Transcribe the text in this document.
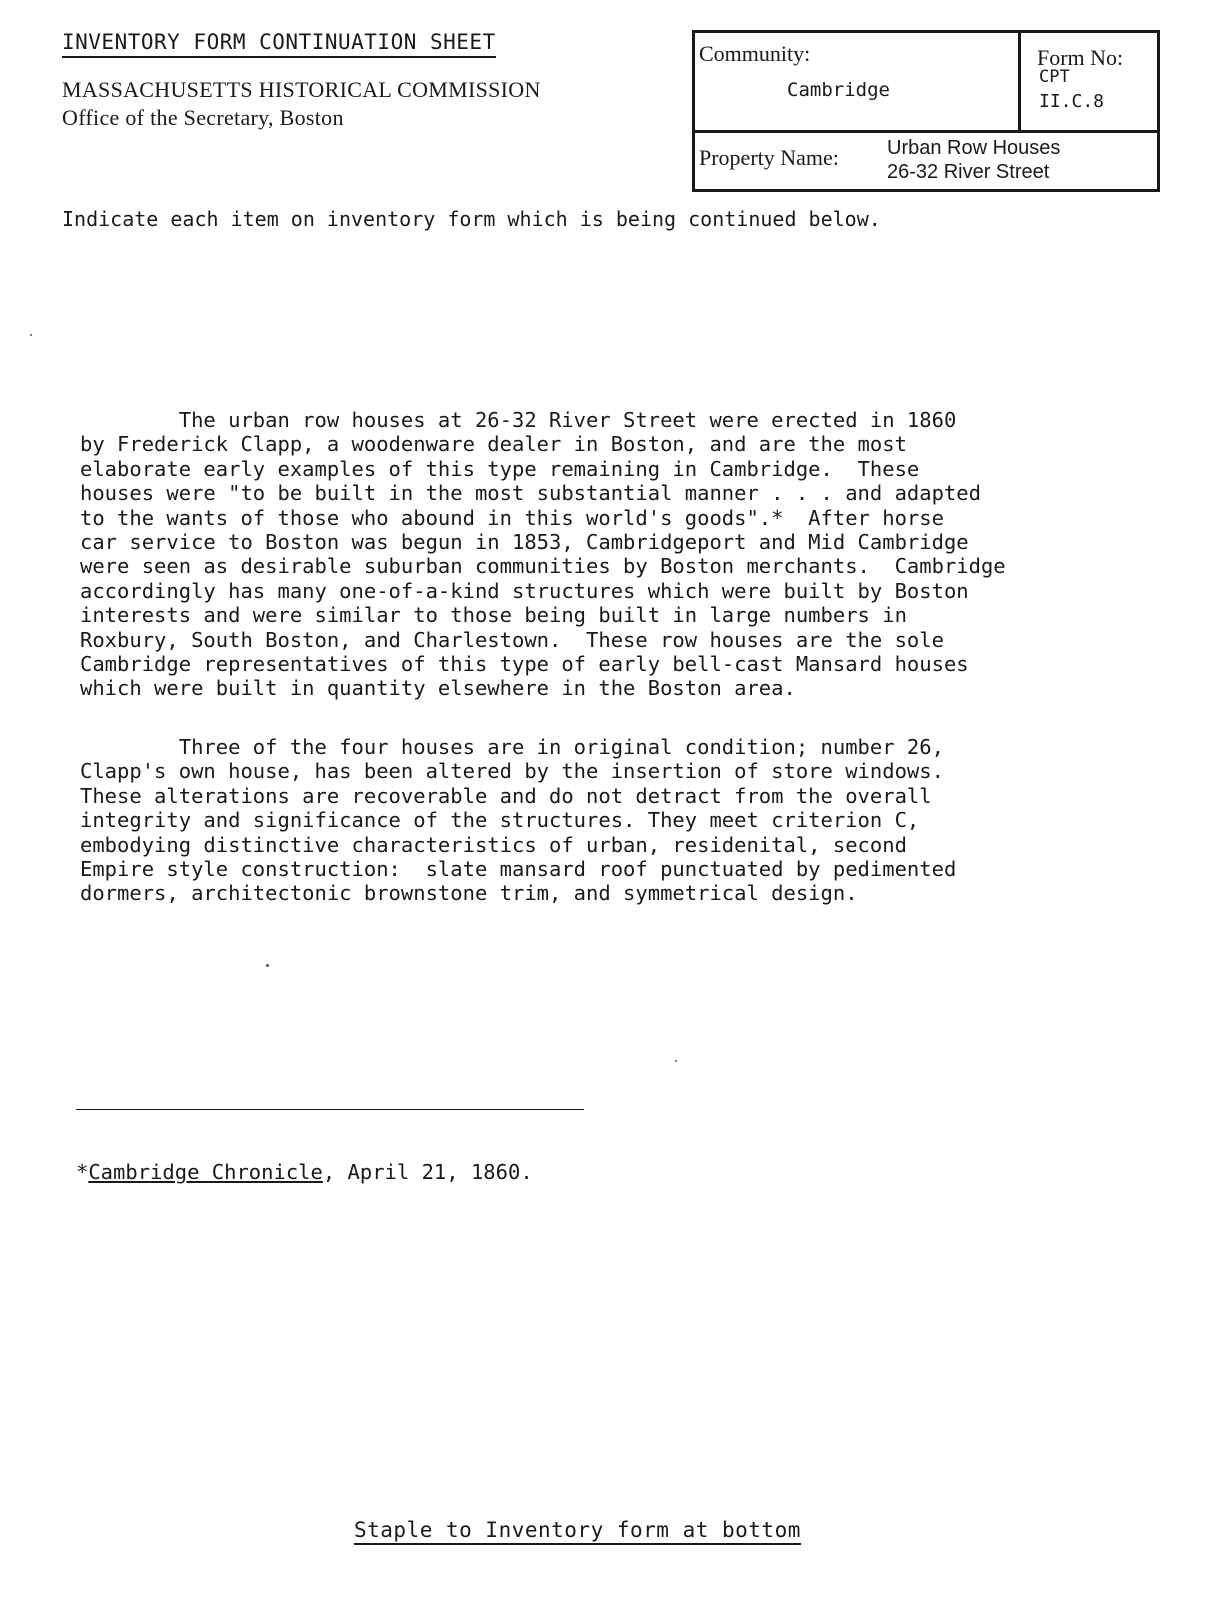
INVENTORY FORM CONTINUATION SHEET
MASSACHUSETTS HISTORICAL COMMISSION
Office of the Secretary, Boston
Community:
Cambridge
Form No:
CPT
II.C.8
Property Name: Urban Row Houses
26-32 River Street
Indicate each item on inventory form which is being continued below.
The urban row houses at 26-32 River Street were erected in 1860
by Frederick Clapp, a woodenware dealer in Boston, and are the most
elaborate early examples of this type remaining in Cambridge.  These
houses were "to be built in the most substantial manner . . . and adapted
to the wants of those who abound in this world's goods".*  After horse
car service to Boston was begun in 1853, Cambridgeport and Mid Cambridge
were seen as desirable suburban communities by Boston merchants.  Cambridge
accordingly has many one-of-a-kind structures which were built by Boston
interests and were similar to those being built in large numbers in
Roxbury, South Boston, and Charlestown.  These row houses are the sole
Cambridge representatives of this type of early bell-cast Mansard houses
which were built in quantity elsewhere in the Boston area.
Three of the four houses are in original condition; number 26,
Clapp's own house, has been altered by the insertion of store windows.
These alterations are recoverable and do not detract from the overall
integrity and significance of the structures. They meet criterion C,
embodying distinctive characteristics of urban, residenital, second
Empire style construction:  slate mansard roof punctuated by pedimented
dormers, architectonic brownstone trim, and symmetrical design.
*Cambridge Chronicle, April 21, 1860.
Staple to Inventory form at bottom
